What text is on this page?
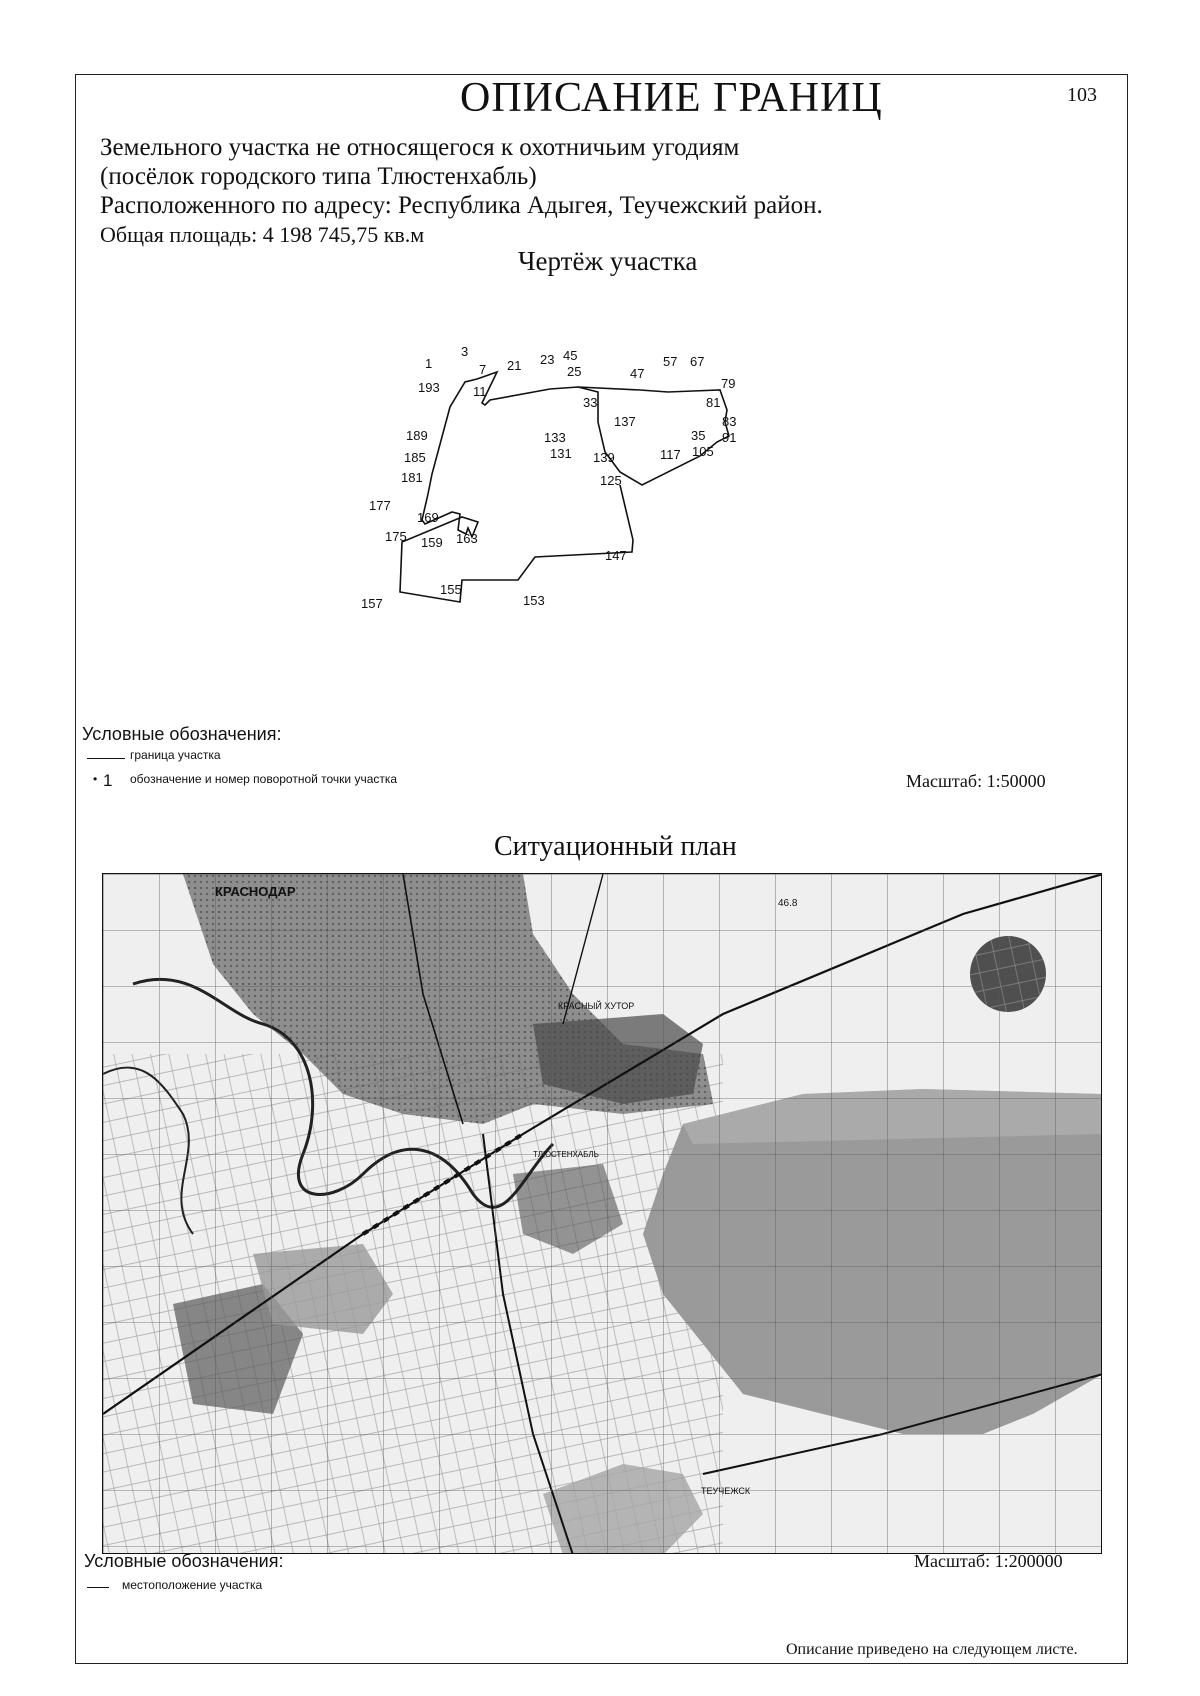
ОПИСАНИЕ ГРАНИЦ	103
Земельного участка не относящегося к охотничьим угодиям
(посёлок городского типа Тлюстенхабль)
Расположенного по адресу: Республика Адыгея, Теучежский район.
Общая площадь: 4 198 745,75 кв.м
Чертёж участка
1
3
7
11
193
21 23 45
25
57 67
47
79
81
83
91
35
105
117
33
137
133
131 139
125
189
185
181
177
169
175 159 163
147
157
155
153
Условные обозначения:
граница участка
• 1 обозначение и номер поворотной точки участка	Масштаб: 1:50000
Ситуационный план
КРАСНОДАР
КРАСНЫЙ ХУТОР
ТЛЮСТЕНХАБЛЬ
ТЕУЧЕЖСК
46.8
Условные обозначения:
местоположение участка
Масштаб: 1:200000
Описание приведено на следующем листе.
